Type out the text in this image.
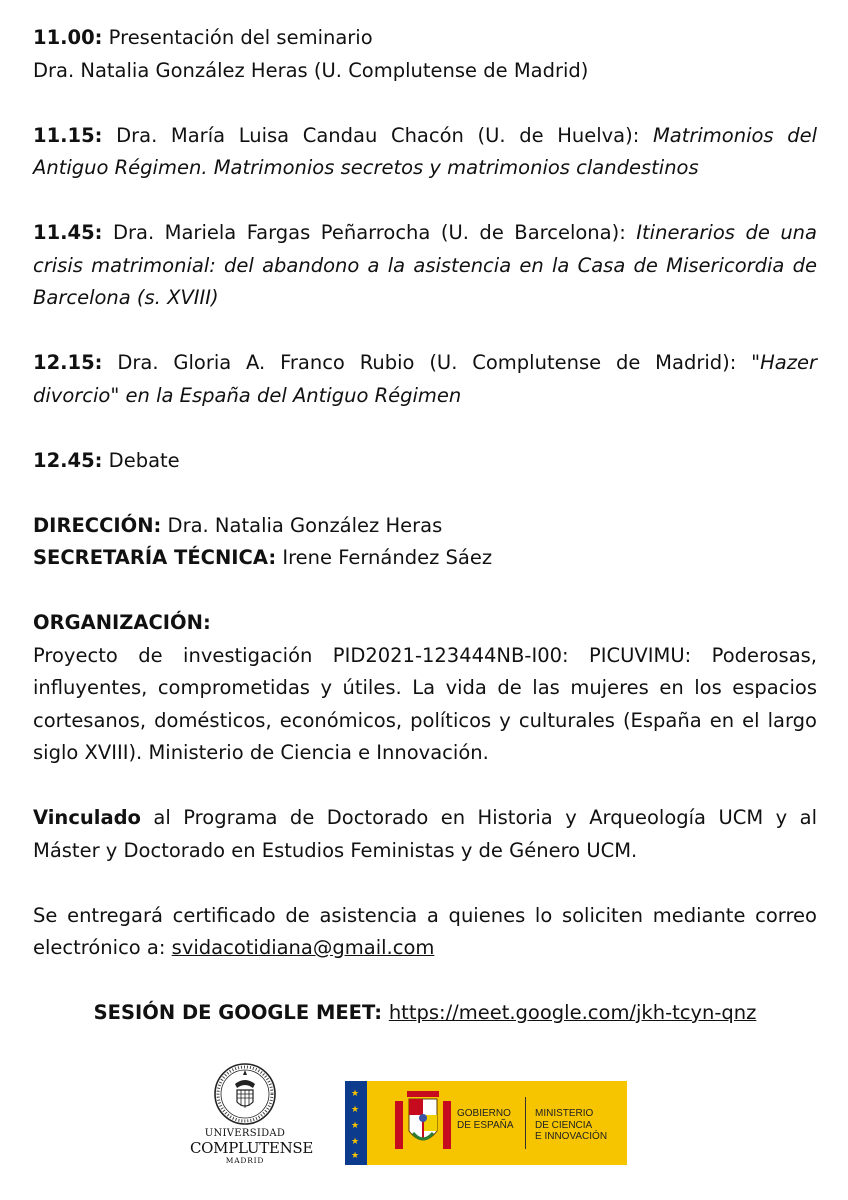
11.00: Presentación del seminario

Dra. Natalia González Heras (U. Complutense de Madrid)

11.15: Dra. María Luisa Candau Chacón (U. de Huelva): Matrimonios del Antiguo Régimen. Matrimonios secretos y matrimonios clandestinos

11.45: Dra. Mariela Fargas Peñarrocha (U. de Barcelona): Itinerarios de una crisis matrimonial: del abandono a la asistencia en la Casa de Misericordia de Barcelona (s. XVIII)

12.15: Dra. Gloria A. Franco Rubio (U. Complutense de Madrid): "Hazer divorcio" en la España del Antiguo Régimen

12.45: Debate

DIRECCIÓN: Dra. Natalia González Heras

SECRETARÍA TÉCNICA: Irene Fernández Sáez

ORGANIZACIÓN:

Proyecto de investigación PID2021-123444NB-I00: PICUVIMU: Poderosas, influyentes, comprometidas y útiles. La vida de las mujeres en los espacios cortesanos, domésticos, económicos, políticos y culturales (España en el largo siglo XVIII). Ministerio de Ciencia e Innovación.

Vinculado al Programa de Doctorado en Historia y Arqueología UCM y al Máster y Doctorado en Estudios Feministas y de Género UCM.

Se entregará certificado de asistencia a quienes lo soliciten mediante correo electrónico a: svidacotidiana@gmail.com

SESIÓN DE GOOGLE MEET: https://meet.google.com/jkh-tcyn-qnz

UNIVERSIDAD
COMPLUTENSE
MADRID
★
★
★
★
★
GOBIERNO
DE ESPAÑA
MINISTERIO
DE CIENCIA
E INNOVACIÓN
